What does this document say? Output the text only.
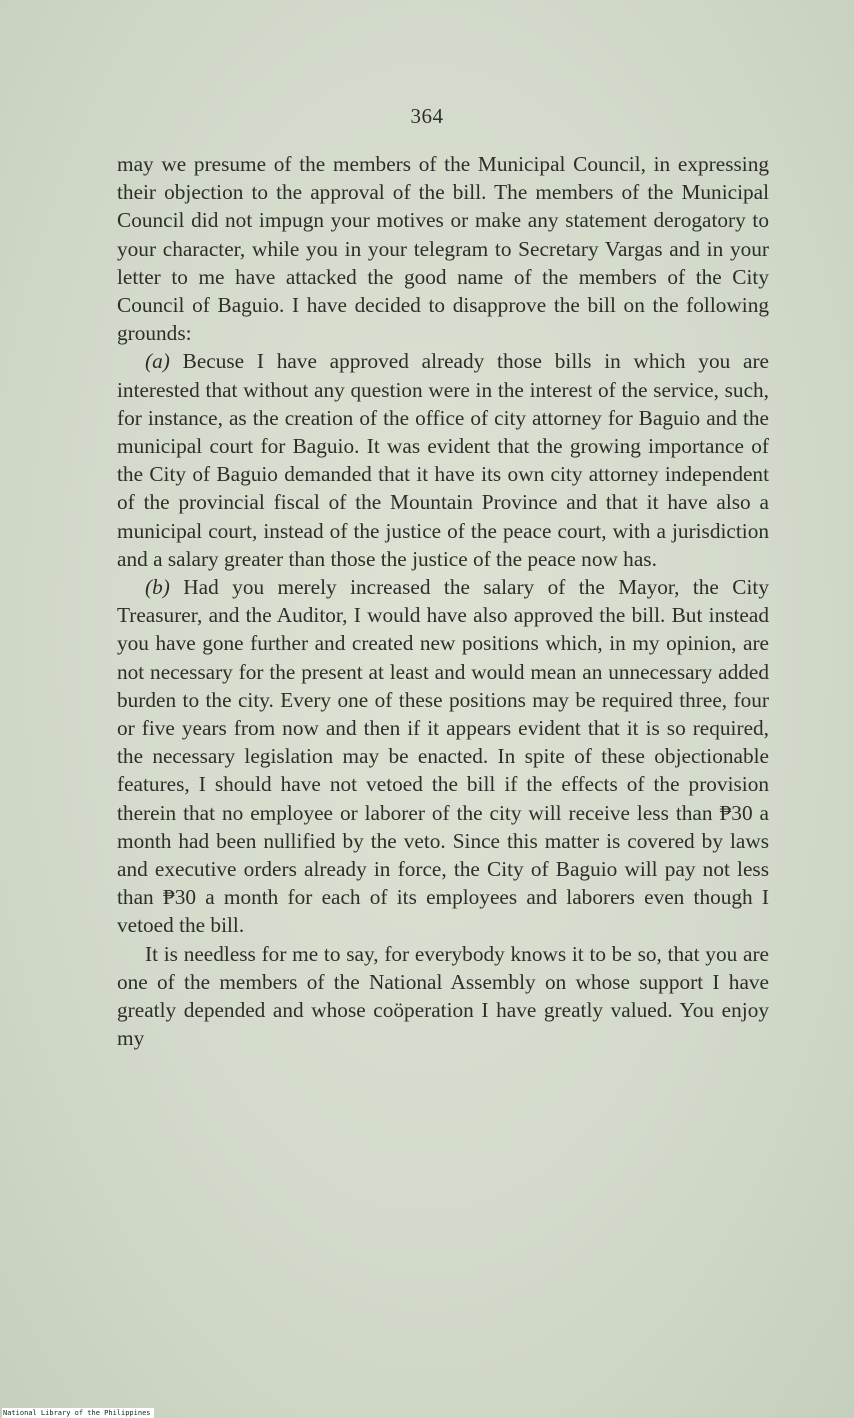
364

may we presume of the members of the Municipal Council, in expressing their objection to the approval of the bill. The members of the Municipal Council did not impugn your motives or make any statement derogatory to your character, while you in your telegram to Secretary Vargas and in your letter to me have attacked the good name of the members of the City Council of Baguio. I have decided to disapprove the bill on the following grounds:

(a) Becuse I have approved already those bills in which you are interested that without any question were in the interest of the service, such, for instance, as the creation of the office of city attorney for Baguio and the municipal court for Baguio. It was evident that the growing importance of the City of Baguio demanded that it have its own city attorney independent of the provincial fiscal of the Mountain Province and that it have also a municipal court, instead of the justice of the peace court, with a jurisdiction and a salary greater than those the justice of the peace now has.

(b) Had you merely increased the salary of the Mayor, the City Treasurer, and the Auditor, I would have also approved the bill. But instead you have gone further and created new positions which, in my opinion, are not necessary for the present at least and would mean an unnecessary added burden to the city. Every one of these positions may be required three, four or five years from now and then if it appears evident that it is so required, the necessary legislation may be enacted. In spite of these objectionable features, I should have not vetoed the bill if the effects of the provision therein that no employee or laborer of the city will receive less than ₱30 a month had been nullified by the veto. Since this matter is covered by laws and executive orders already in force, the City of Baguio will pay not less than ₱30 a month for each of its employees and laborers even though I vetoed the bill.

It is needless for me to say, for everybody knows it to be so, that you are one of the members of the National Assembly on whose support I have greatly depended and whose coöperation I have greatly valued. You enjoy my

National Library of the Philippines
